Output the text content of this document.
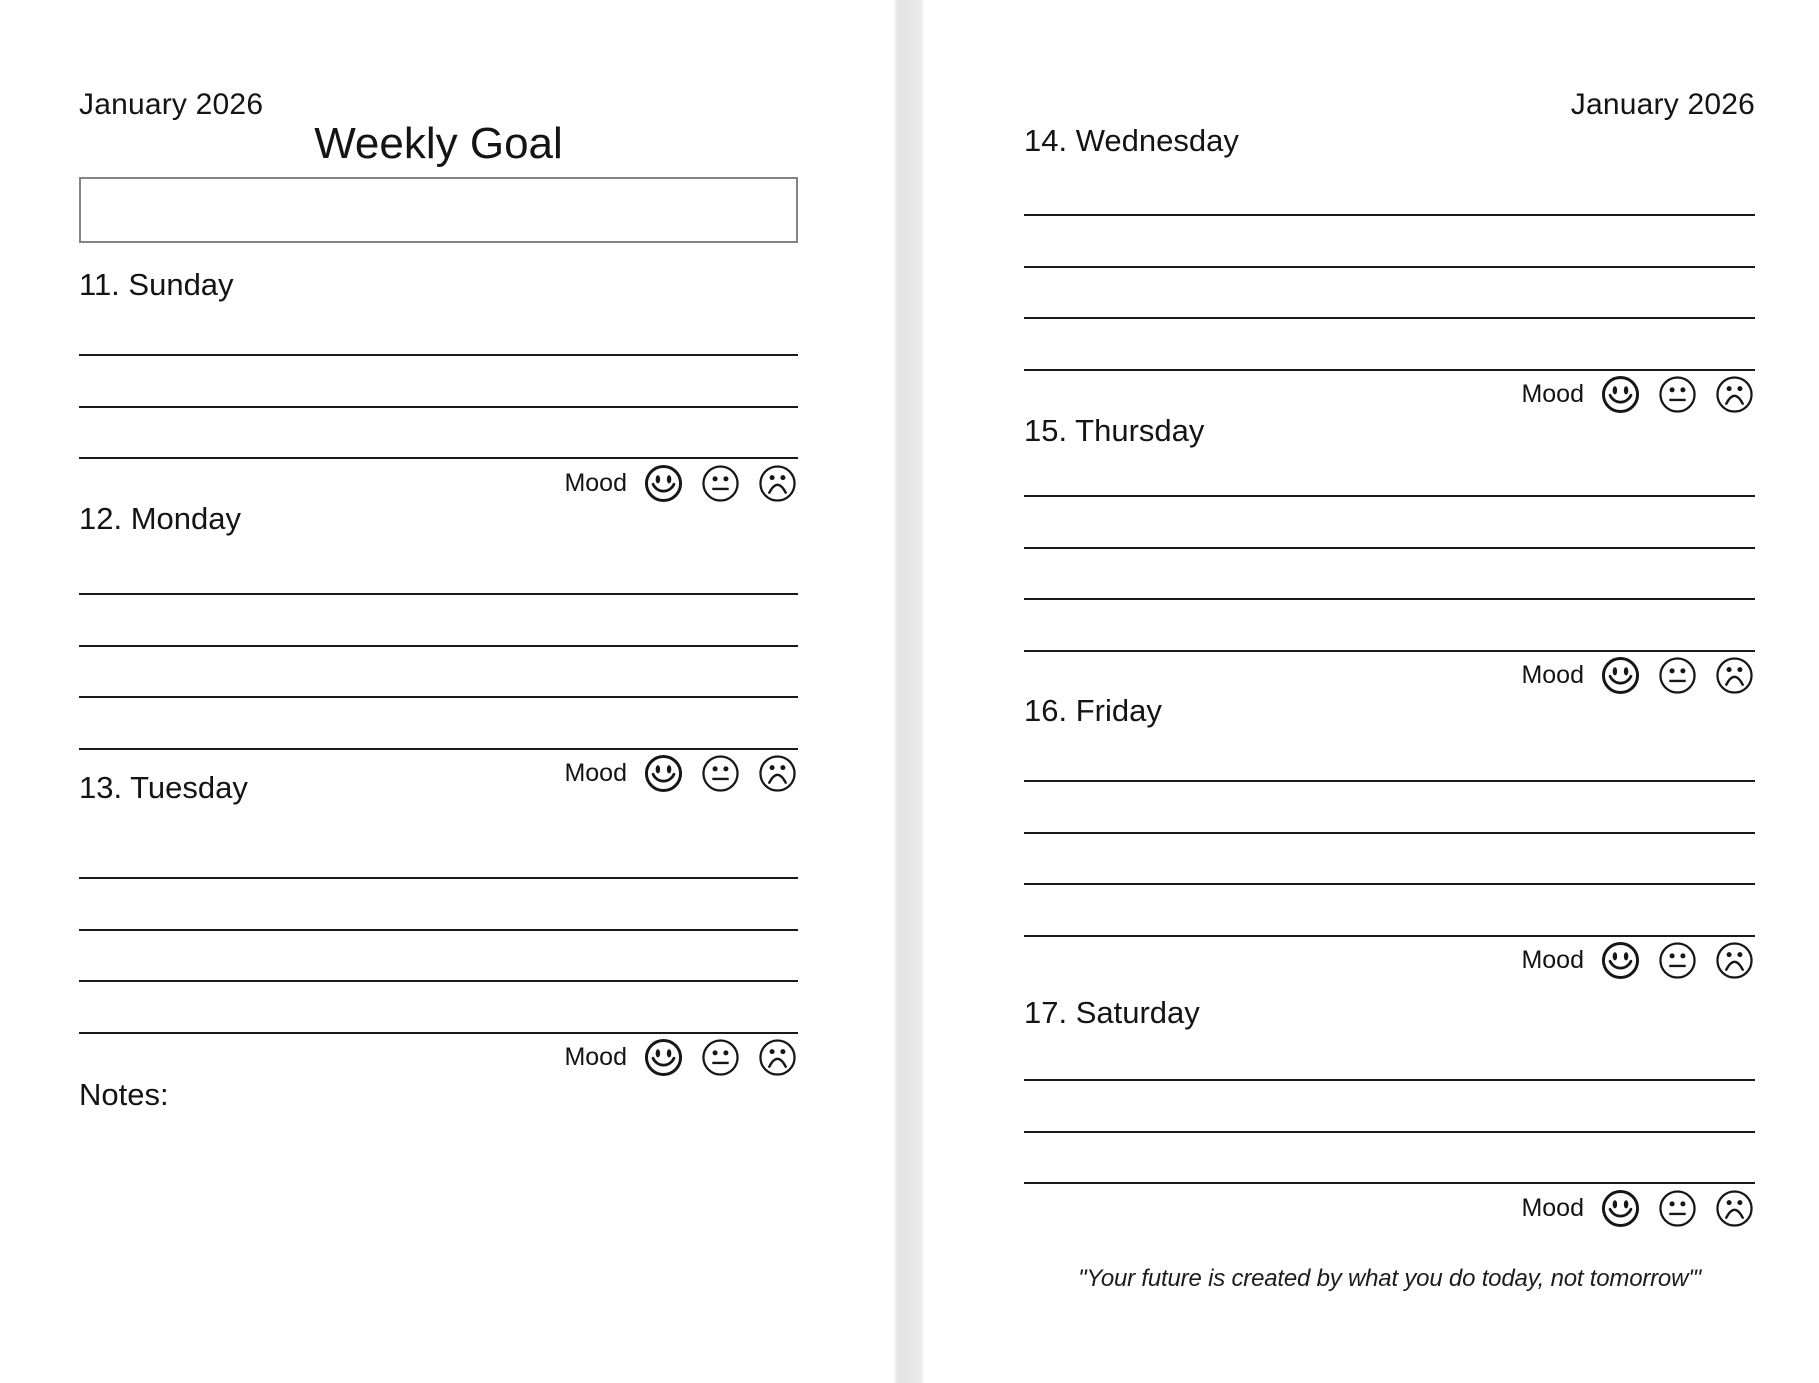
January 2026
Weekly Goal
11. Sunday
Mood
12. Monday
Mood
13. Tuesday
Mood
Notes:
January 2026
14. Wednesday
Mood
15. Thursday
Mood
16. Friday
Mood
17. Saturday
Mood
"Your future is created by what you do today, not tomorrow'"
